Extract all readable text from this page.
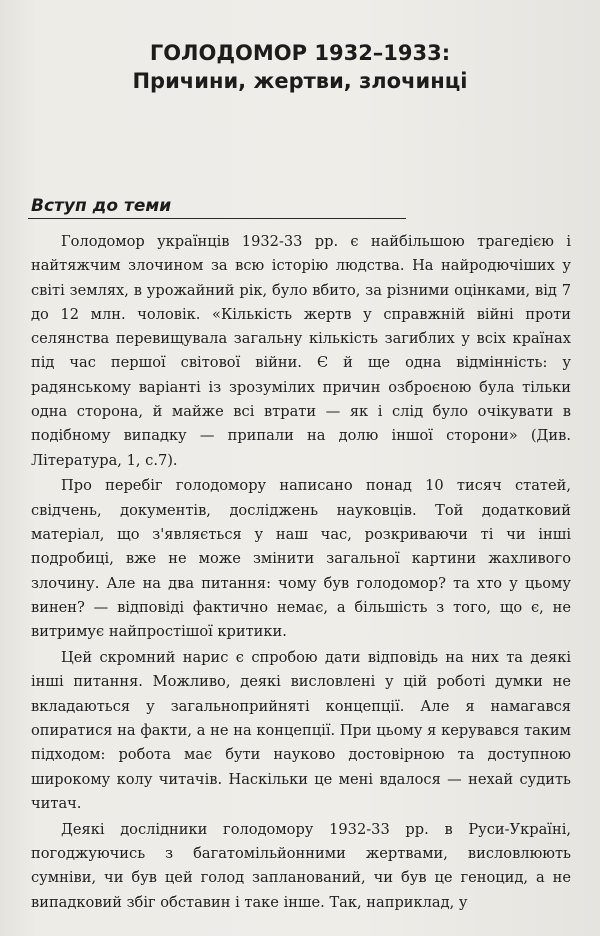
ГОЛОДОМОР 1932–1933:
Причини, жертви, злочинці
Вступ до теми

Голодомор українців 1932-33 рр. є найбільшою трагедією і найтяжчим злочином за всю історію людства. На найродючіших у світі землях, в урожайний рік, було вбито, за різними оцінками, від 7 до 12 млн. чоловік. «Кількість жертв у справжній війні проти селянства перевищувала загальну кількість загиблих у всіх країнах під час першої світової війни. Є й ще одна відмінність: у радянському варіанті із зрозумілих причин озброєною була тільки одна сторона, й майже всі втрати — як і слід було очікувати в подібному випадку — припали на долю іншої сторони» (Див. Література, 1, с.7).

Про перебіг голодомору написано понад 10 тисяч статей, свідчень, документів, досліджень науковців. Той додатковий матеріал, що з'являється у наш час, розкриваючи ті чи інші подробиці, вже не може змінити загальної картини жахливого злочину. Але на два питання: чому був голодомор? та хто у цьому винен? — відповіді фактично немає, а більшість з того, що є, не витримує найпростішої критики.

Цей скромний нарис є спробою дати відповідь на них та деякі інші питання. Можливо, деякі висловлені у цій роботі думки не вкладаються у загальноприйняті концепції. Але я намагався опиратися на факти, а не на концепції. При цьому я керувався таким підходом: робота має бути науково достовірною та доступною широкому колу читачів. Наскільки це мені вдалося — нехай судить читач.

Деякі дослідники голодомору 1932-33 рр. в Руси-Україні, погоджуючись з багатомільйонними жертвами, висловлюють сумніви, чи був цей голод запланований, чи був це геноцид, а не випадковий збіг обставин і таке інше. Так, наприклад, у
